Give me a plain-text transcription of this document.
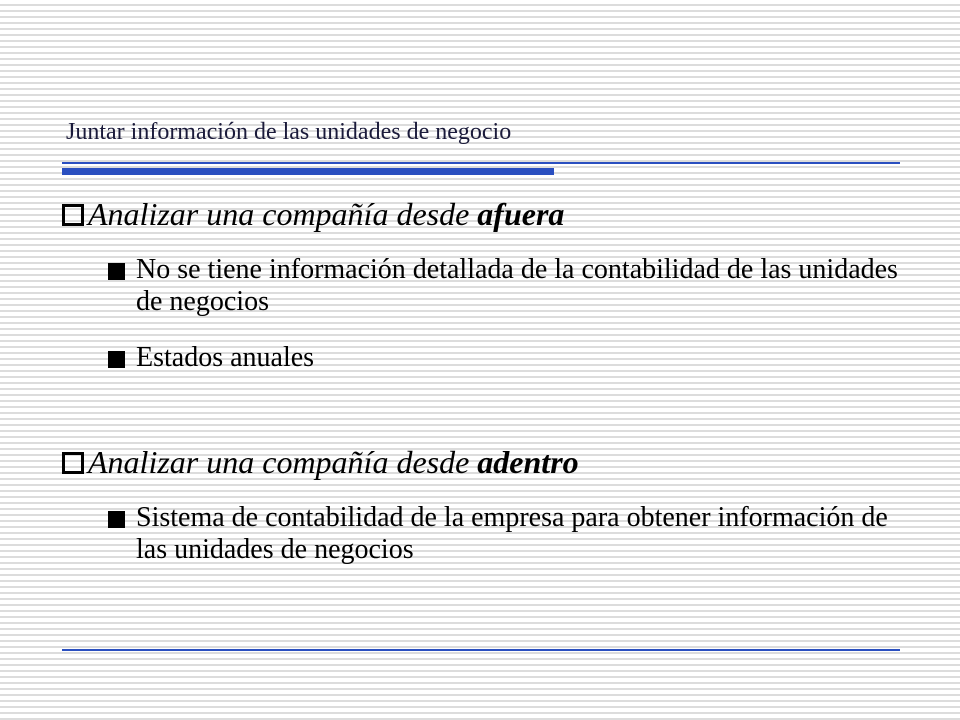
Juntar información de las unidades de negocio
Analizar una compañía desde afuera
No se tiene información detallada de la contabilidad de las unidades de negocios
Estados anuales
Analizar una compañía desde adentro
Sistema de contabilidad de la empresa para obtener información de las unidades de negocios
